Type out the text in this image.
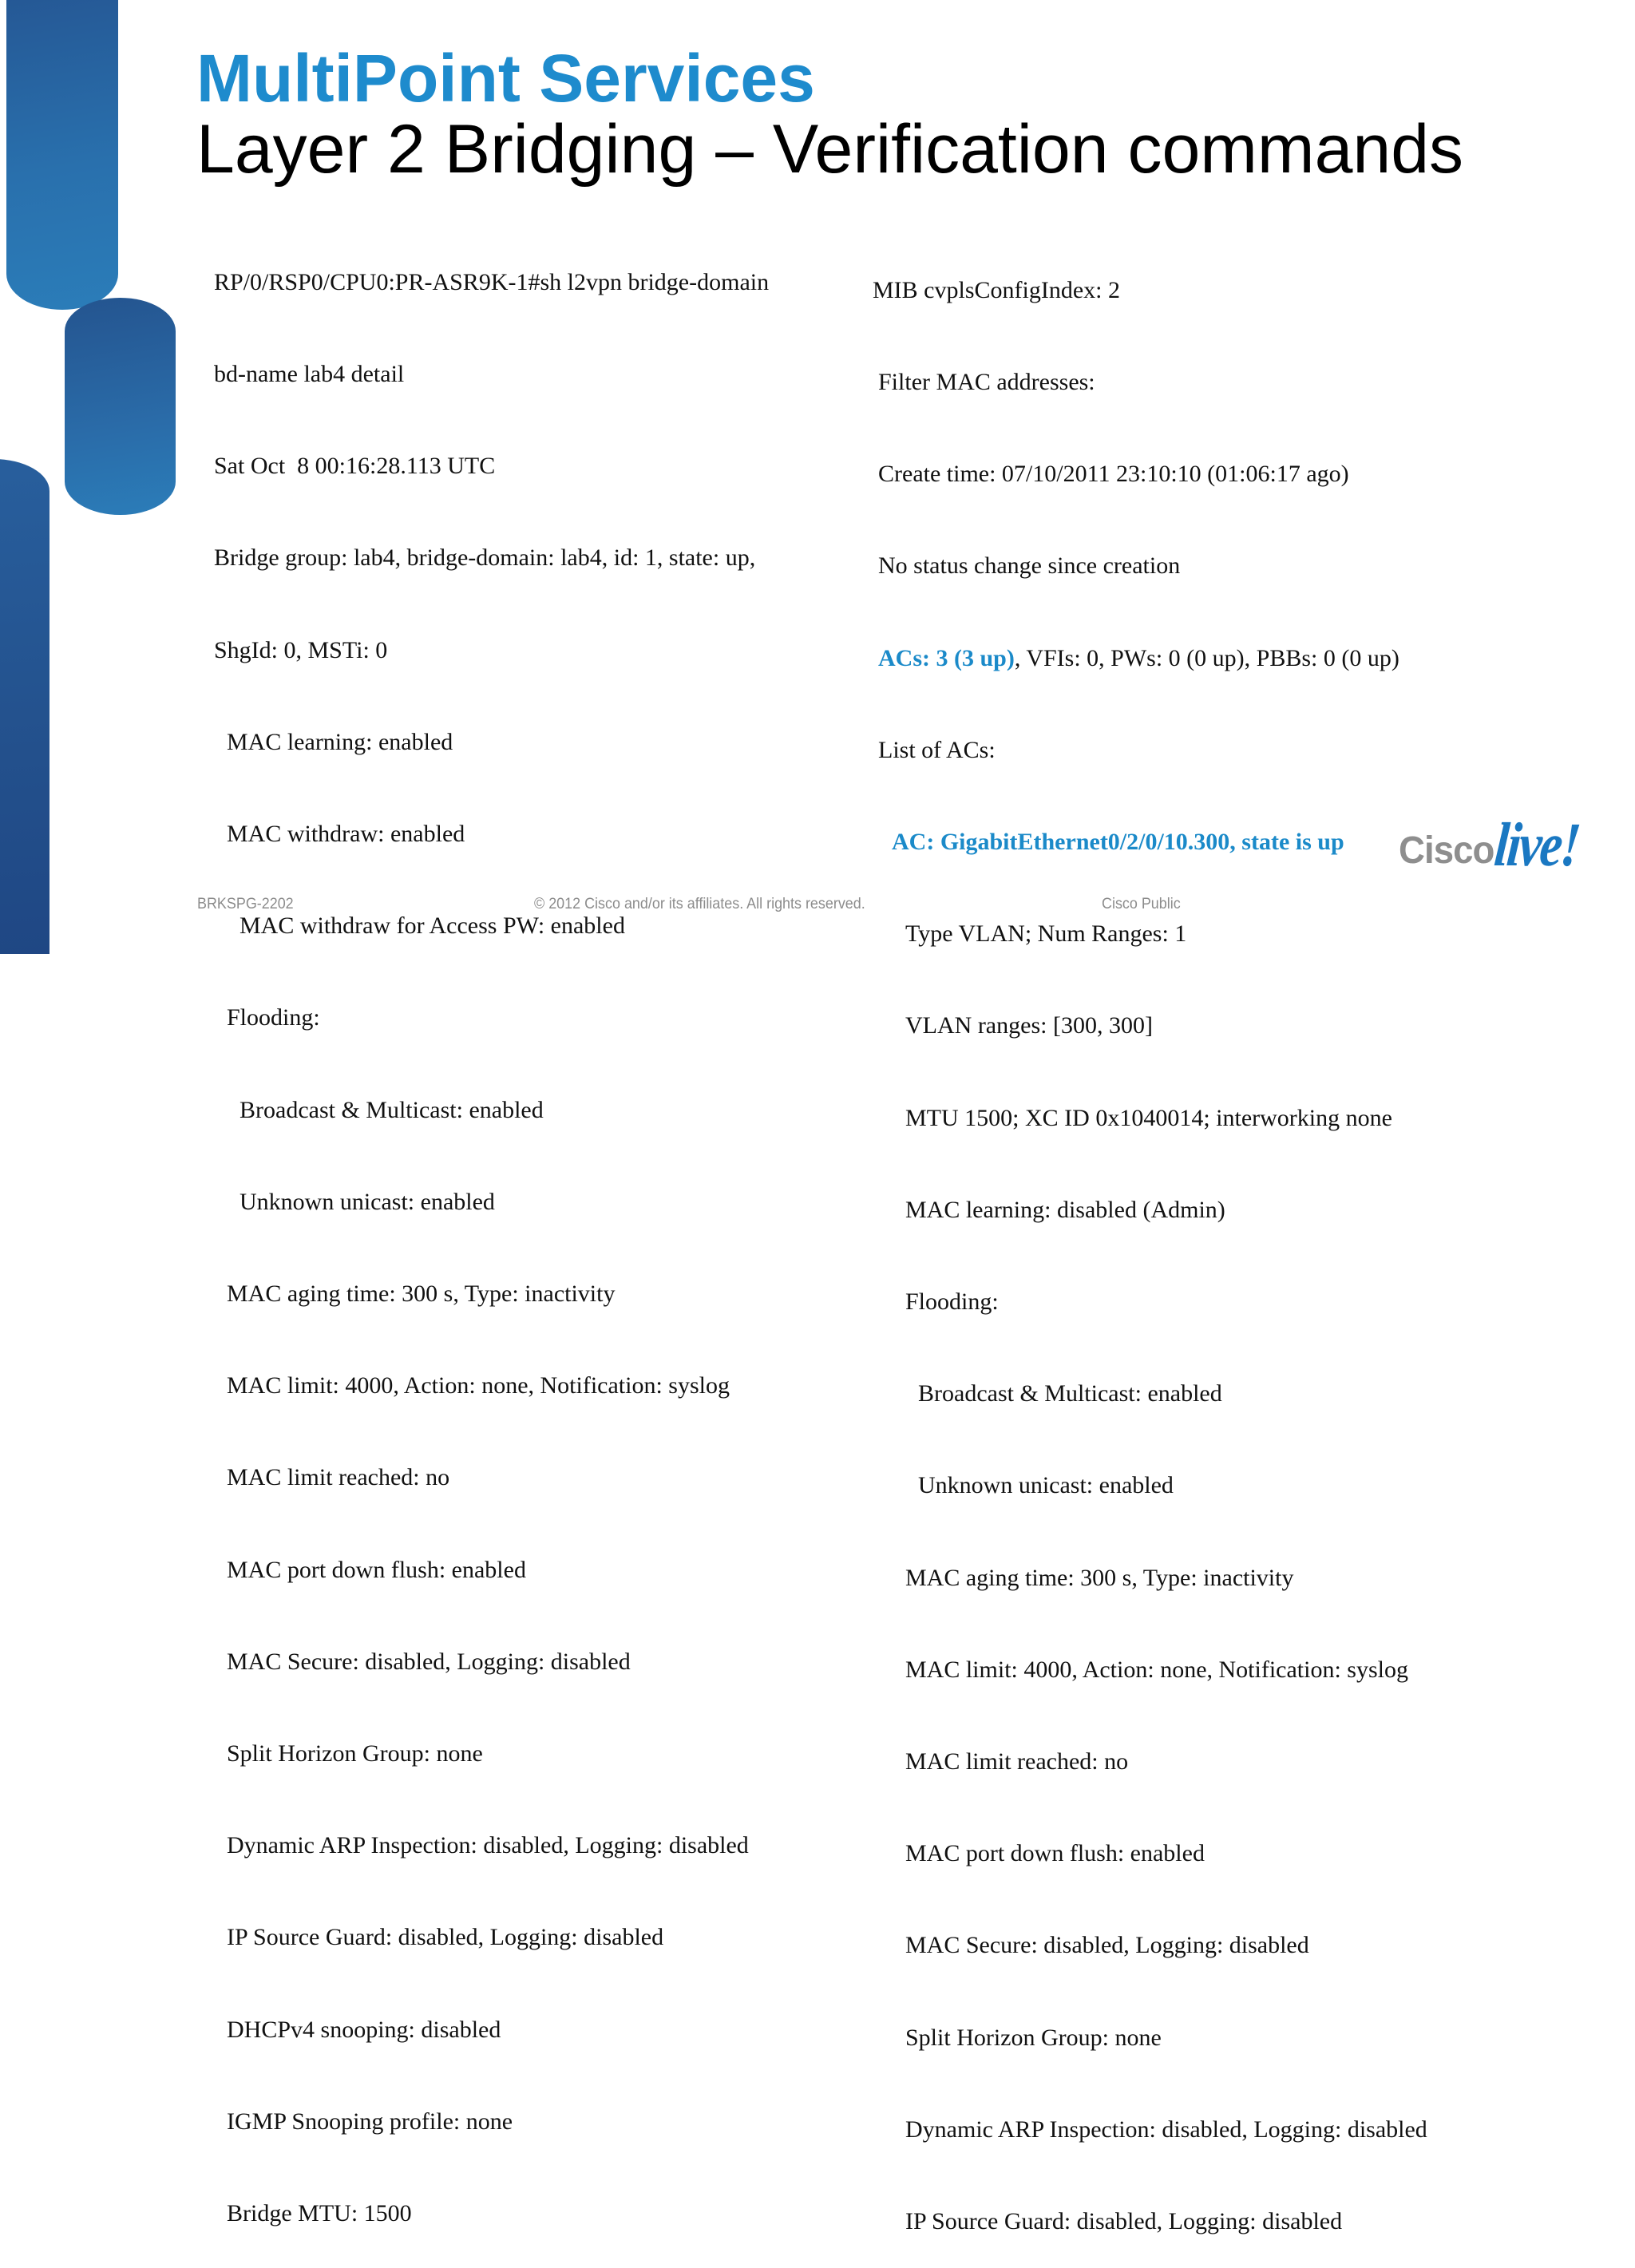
MultiPoint Services
Layer 2 Bridging – Verification commands

RP/0/RSP0/CPU0:PR-ASR9K-1#sh l2vpn bridge-domain

bd-name lab4 detail

Sat Oct  8 00:16:28.113 UTC

Bridge group: lab4, bridge-domain: lab4, id: 1, state: up,

ShgId: 0, MSTi: 0

MAC learning: enabled

MAC withdraw: enabled

MAC withdraw for Access PW: enabled

Flooding:

Broadcast & Multicast: enabled

Unknown unicast: enabled

MAC aging time: 300 s, Type: inactivity

MAC limit: 4000, Action: none, Notification: syslog

MAC limit reached: no

MAC port down flush: enabled

MAC Secure: disabled, Logging: disabled

Split Horizon Group: none

Dynamic ARP Inspection: disabled, Logging: disabled

IP Source Guard: disabled, Logging: disabled

DHCPv4 snooping: disabled

IGMP Snooping profile: none

Bridge MTU: 1500

MIB cvplsConfigIndex: 2

Filter MAC addresses:

Create time: 07/10/2011 23:10:10 (01:06:17 ago)

No status change since creation

ACs: 3 (3 up), VFIs: 0, PWs: 0 (0 up), PBBs: 0 (0 up)

List of ACs:

AC: GigabitEthernet0/2/0/10.300, state is up

Type VLAN; Num Ranges: 1

VLAN ranges: [300, 300]

MTU 1500; XC ID 0x1040014; interworking none

MAC learning: disabled (Admin)

Flooding:

Broadcast & Multicast: enabled

Unknown unicast: enabled

MAC aging time: 300 s, Type: inactivity

MAC limit: 4000, Action: none, Notification: syslog

MAC limit reached: no

MAC port down flush: enabled

MAC Secure: disabled, Logging: disabled

Split Horizon Group: none

Dynamic ARP Inspection: disabled, Logging: disabled

IP Source Guard: disabled, Logging: disabled

BRKSPG-2202	© 2012 Cisco and/or its affiliates. All rights reserved.	Cisco Public
Cisco
live!
